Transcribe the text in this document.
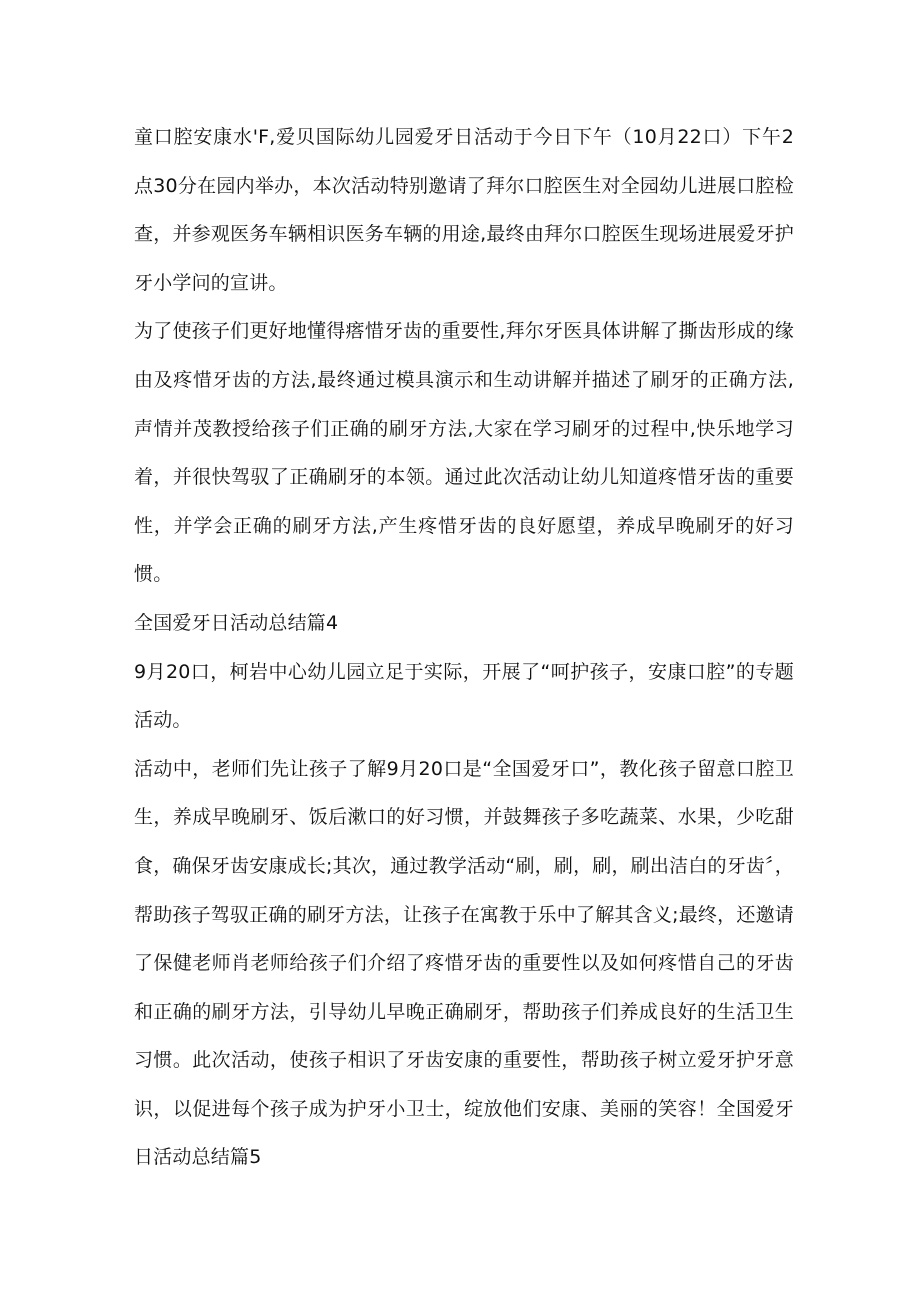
童口腔安康水'F,爱贝国际幼儿园爱牙日活动于今日下午（10月22口）下午2点30分在园内举办，本次活动特别邀请了拜尔口腔医生对全园幼儿进展口腔检查，并参观医务车辆相识医务车辆的用途,最终由拜尔口腔医生现场进展爱牙护牙小学问的宣讲。

为了使孩子们更好地懂得瘩惜牙齿的重要性,拜尔牙医具体讲解了撕齿形成的缘由及疼惜牙齿的方法,最终通过模具演示和生动讲解并描述了刷牙的正确方法,声情并茂教授给孩子们正确的刷牙方法,大家在学习刷牙的过程中,快乐地学习着，并很快驾驭了正确刷牙的本领。通过此次活动让幼儿知道疼惜牙齿的重要性，并学会正确的刷牙方法,产生疼惜牙齿的良好愿望，养成早晚刷牙的好习惯。

全国爱牙日活动总结篇4

9月20口，柯岩中心幼儿园立足于实际，开展了“呵护孩子，安康口腔”的专题活动。

活动中，老师们先让孩子了解9月20口是“全国爱牙口”，教化孩子留意口腔卫生，养成早晚刷牙、饭后漱口的好习惯，并鼓舞孩子多吃蔬菜、水果，少吃甜食，确保牙齿安康成长;其次，通过教学活动“刷，刷，刷，刷出洁白的牙齿〞，帮助孩子驾驭正确的刷牙方法，让孩子在寓教于乐中了解其含义;最终，还邀请了保健老师肖老师给孩子们介绍了疼惜牙齿的重要性以及如何疼惜自己的牙齿和正确的刷牙方法，引导幼儿早晚正确刷牙，帮助孩子们养成良好的生活卫生习惯。此次活动，使孩子相识了牙齿安康的重要性，帮助孩子树立爱牙护牙意识，以促进每个孩子成为护牙小卫士，绽放他们安康、美丽的笑容！全国爱牙日活动总结篇5
